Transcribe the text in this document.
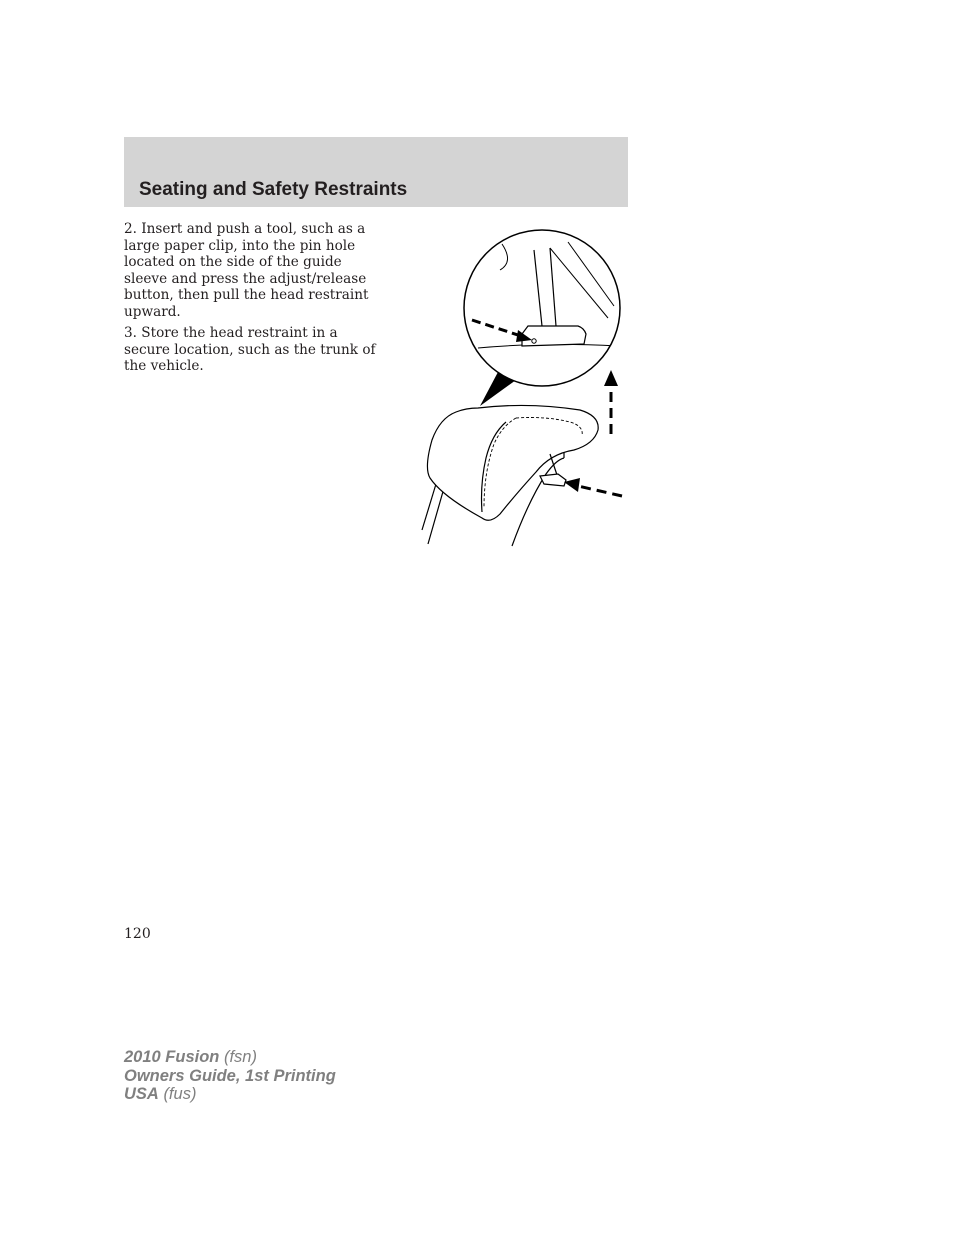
Seating and Safety Restraints

2. Insert and push a tool, such as a large paper clip, into the pin hole located on the side of the guide sleeve and press the adjust/release button, then pull the head restraint upward.

3. Store the head restraint in a secure location, such as the trunk of the vehicle.

120
2010 Fusion (fsn)
Owners Guide, 1st Printing
USA (fus)
